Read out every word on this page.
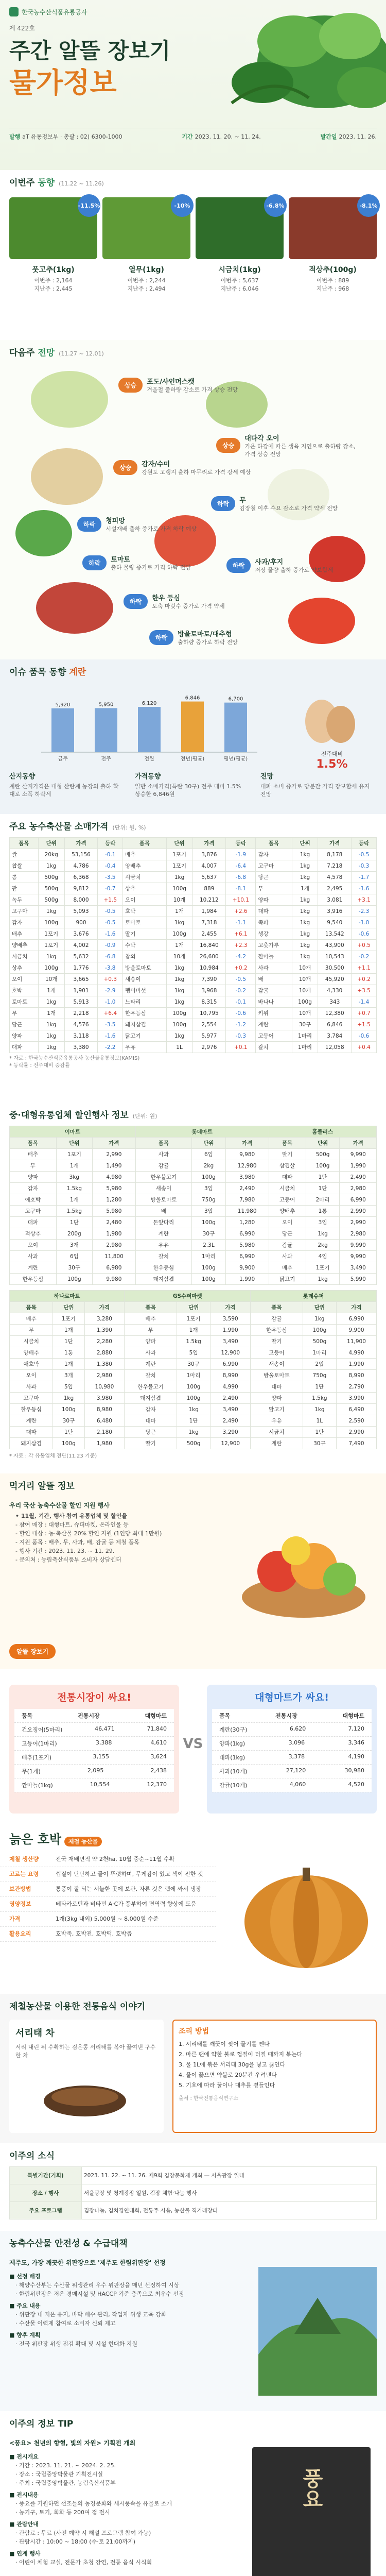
한국농수산식품유통공사
제 422호
주간 알뜰 장보기
물가정보
발행 aT 유통정보부 · 총괄 : 02) 6300-1000	기간 2023. 11. 20. ~ 11. 24.	발간일 2023. 11. 26.
이번주 동향 (11.22 ~ 11.26)
-11.5%
풋고추(1kg)
이번주 : 2,164
지난주 : 2,445
-10%
열무(1kg)
이번주 : 2,244
지난주 : 2,494
-6.8%
시금치(1kg)
이번주 : 5,637
지난주 : 6,046
-8.1%
적상추(100g)
이번주 : 889
지난주 : 968
다음주 전망 (11.27 ~ 12.01)
상승	포도/샤인머스캣
겨울철 출하량 감소로 가격 상승 전망
상승
대다각 오이
기온 하강에 따른 생육 지연으로 출하량 감소, 가격 상승 전망
상승	감자/수미
강원도 고랭지 출하 마무리로 가격 강세 예상
하락	무
김장철 이후 수요 감소로 가격 약세 전망
하락	청피망
시설재배 출하 증가로 가격 하락 예상
하락	토마토
출하 물량 증가로 가격 하락 전망	하락	사과/후지
저장 물량 출하 증가로 약보합세
하락	한우 등심
도축 마릿수 증가로 가격 약세
하락	방울토마토/대추형
출하량 증가로 하락 전망
이슈 품목 동향 계란
5,920
금주
5,950
전주
6,120
전월
6,846
전년(평균)
6,700
평년(평균)
전주대비
1.5%
산지동향
계란 산지가격은 대형 산란계 농장의 출하 확대로 소폭 하락세
가격동향
일반 소매가격(특란 30구) 전주 대비 1.5% 상승한 6,846원
전망
대파 소비 증가로 당분간 가격 강보합세 유지 전망
주요 농수축산물 소매가격 (단위: 원, %)
품목	단위	가격	등락	품목	단위	가격	등락	품목	단위	가격	등락
쌀	20kg	53,156	-0.1	배추	1포기	3,876	-1.9	감자	1kg	8,178	-0.5
찹쌀	1kg	4,786	-0.4	양배추	1포기	4,007	-6.4	고구마	1kg	7,218	-0.3
콩	500g	6,368	-3.5	시금치	1kg	5,637	-6.8	당근	1kg	4,578	-1.7
팥	500g	9,812	-0.7	상추	100g	889	-8.1	무	1개	2,495	-1.6
녹두	500g	8,000	+1.5	오이	10개	10,212	+10.1	양파	1kg	3,081	+3.1
고구마	1kg	5,093	-0.5	호박	1개	1,984	+2.6	대파	1kg	3,916	-2.3
감자	100g	900	-0.5	토마토	1kg	7,318	-1.1	쪽파	1kg	9,540	-1.0
배추	1포기	3,676	-1.6	딸기	100g	2,455	+6.1	생강	1kg	13,542	-0.6
양배추	1포기	4,002	-0.9	수박	1개	16,840	+2.3	고춧가루	1kg	43,900	+0.5
시금치	1kg	5,632	-6.8	참외	10개	26,600	-4.2	깐마늘	1kg	10,543	-0.2
상추	100g	1,776	-3.8	방울토마토	1kg	10,984	+0.2	사과	10개	30,500	+1.1
오이	10개	3,665	+0.3	새송이	1kg	7,390	-0.5	배	10개	45,920	+0.2
호박	1개	1,901	-2.9	팽이버섯	1kg	3,968	-0.2	감귤	10개	4,330	+3.5
토마토	1kg	5,913	-1.0	느타리	1kg	8,315	-0.1	바나나	100g	343	-1.4
무	1개	2,218	+6.4	한우등심	100g	10,795	-0.6	키위	10개	12,380	+0.7
당근	1kg	4,576	-3.5	돼지삼겹	100g	2,554	-1.2	계란	30구	6,846	+1.5
양파	1kg	3,118	-1.6	닭고기	1kg	5,977	-0.3	고등어	1마리	3,784	-0.6
대파	1kg	3,380	-2.2	우유	1L	2,976	+0.1	갈치	1마리	12,058	+0.4
* 자료 : 한국농수산식품유통공사 농산물유통정보(KAMIS)
* 등락률 : 전주대비 증감률
중·대형유통업체 할인행사 정보 (단위: 원)
이마트			롯데마트			홈플러스		
품목	단위	가격	품목	단위	가격	품목	단위	가격
배추	1포기	2,990	사과	6입	9,980	딸기	500g	9,990
무	1개	1,490	감귤	2kg	12,980	삼겹살	100g	1,990
양파	3kg	4,980	한우불고기	100g	3,980	대파	1단	2,490
감자	1.5kg	5,980	새송이	3입	2,490	시금치	1단	2,980
애호박	1개	1,280	방울토마토	750g	7,980	고등어	2마리	6,990
고구마	1.5kg	5,980	배	3입	11,980	양배추	1통	2,990
대파	1단	2,480	돈앞다리	100g	1,280	오이	3입	2,990
적상추	200g	1,980	계란	30구	6,990	당근	1kg	2,980
오이	3개	2,980	우유	2.3L	5,980	감귤	2kg	9,990
사과	6입	11,800	갈치	1마리	6,990	사과	4입	9,990
계란	30구	6,980	한우등심	100g	9,900	배추	1포기	3,490
한우등심	100g	9,980	돼지삼겹	100g	1,990	닭고기	1kg	5,990
하나로마트			GS수퍼마켓			롯데슈퍼		
품목	단위	가격	품목	단위	가격	품목	단위	가격
배추	1포기	3,280	배추	1포기	3,590	감귤	1kg	6,990
무	1개	1,390	무	1개	1,990	한우등심	100g	9,900
시금치	1단	2,280	양파	1.5kg	3,490	딸기	500g	11,900
양배추	1통	2,880	사과	5입	12,900	고등어	1마리	4,990
애호박	1개	1,380	계란	30구	6,990	새송이	2입	1,990
오이	3개	2,980	갈치	1마리	8,990	방울토마토	750g	8,990
사과	5입	10,980	한우불고기	100g	4,990	대파	1단	2,790
고구마	1kg	3,980	돼지삼겹	100g	2,490	양파	1.5kg	3,990
한우등심	100g	8,980	감자	1kg	3,490	닭고기	1kg	6,490
계란	30구	6,480	대파	1단	2,490	우유	1L	2,590
대파	1단	2,180	당근	1kg	3,290	시금치	1단	2,990
돼지삼겹	100g	1,980	딸기	500g	12,900	계란	30구	7,490
* 자료 : 각 유통업체 전단(11.23 기준)
먹거리 알뜰 정보
우리 국산 농축수산물 할인 지원 행사
• 11월, 기간, 행사 참여 유통업체 및 할인율
- 참여 매장 : 대형마트, 슈퍼마켓, 온라인몰 등
- 할인 대상 : 농·축산물 20% 할인 지원 (1인당 최대 1만원)
- 지원 품목 : 배추, 무, 사과, 배, 감귤 등 제철 품목
- 행사 기간 : 2023. 11. 23. ~ 11. 29.
- 문의처 : 농림축산식품부 소비자 상담센터
알뜰 장보기
전통시장이 싸요!
품목	전통시장	대형마트
건오징어(5마리)	46,471	71,840
고등어(1마리)	3,388	4,610
배추(1포기)	3,155	3,624
무(1개)	2,095	2,438
깐마늘(1kg)	10,554	12,370
VS
대형마트가 싸요!
품목	전통시장	대형마트
계란(30구)	6,620	7,120
양파(1kg)	3,096	3,346
대파(1kg)	3,378	4,190
사과(10개)	27,120	30,980
감귤(10개)	4,060	4,520
늙은 호박 제철 농산물
제철 생산량	전국 재배면적 약 2천ha, 10월 중순~11월 수확
고르는 요령	껍질이 단단하고 골이 뚜렷하며, 무게감이 있고 색이 진한 것
보관방법	통풍이 잘 되는 서늘한 곳에 보관, 자른 것은 랩에 싸서 냉장
영양정보	베타카로틴과 비타민 A·C가 풍부하여 면역력 향상에 도움
가격	1개(3kg 내외) 5,000원 ~ 8,000원 수준
활용요리	호박죽, 호박전, 호박떡, 호박즙
제철농산물 이용한 전통음식 이야기
서리태 차
서리 내린 뒤 수확하는 검은콩 서리태를 볶아 끓여낸 구수한 차
조리 방법
1. 서리태를 깨끗이 씻어 물기를 뺀다
2. 마른 팬에 약한 불로 껍질이 터질 때까지 볶는다
3. 물 1L에 볶은 서리태 30g을 넣고 끓인다
4. 물이 끓으면 약불로 20분간 우려낸다
5. 기호에 따라 꿀이나 대추를 곁들인다
출처 : 한국전통음식연구소
이주의 소식
특별기간(기회)	2023. 11. 22. ~ 11. 26. 제9회 김장문화제 개최 — 서울광장 일대
장소 / 행사	서울광장 및 청계광장 일원, 김장 체험·나눔 행사
주요 프로그램	김장나눔, 김치경연대회, 전통주 시음, 농산물 직거래장터
농축수산물 안전성 & 수급대책
제주도, 가장 깨끗한 위판장으로 '제주도 한림위판장' 선정
■ 선정 배경
· 해양수산부는 수산물 위생관리 우수 위판장을 매년 선정하여 시상
· 한림위판장은 저온 경매시설 및 HACCP 기준 충족으로 최우수 선정
■ 주요 내용
· 위판장 내 저온 유지, 바닥 배수 관리, 작업자 위생 교육 강화
· 수산물 이력제 참여로 소비자 신뢰 제고
■ 향후 계획
· 전국 위판장 위생 점검 확대 및 시설 현대화 지원
이주의 정보 TIP
<풍요> 천년의 향혈, 빛의 자원> 기획전 개최
■ 전시개요
· 기간 : 2023. 11. 21. ~ 2024. 2. 25.
· 장소 : 국립중앙박물관 기획전시실
· 주최 : 국립중앙박물관, 농림축산식품부
■ 전시내용
· 풍요를 기원하던 선조들의 농경문화와 세시풍속을 유물로 소개
· 농기구, 토기, 회화 등 200여 점 전시
■ 관람안내
· 관람료 : 무료 (사전 예약 시 해설 프로그램 참여 가능)
· 관람시간 : 10:00 ~ 18:00 (수·토 21:00까지)
■ 연계 행사
· 어린이 체험 교실, 전문가 초청 강연, 전통 음식 시식회
풍요
